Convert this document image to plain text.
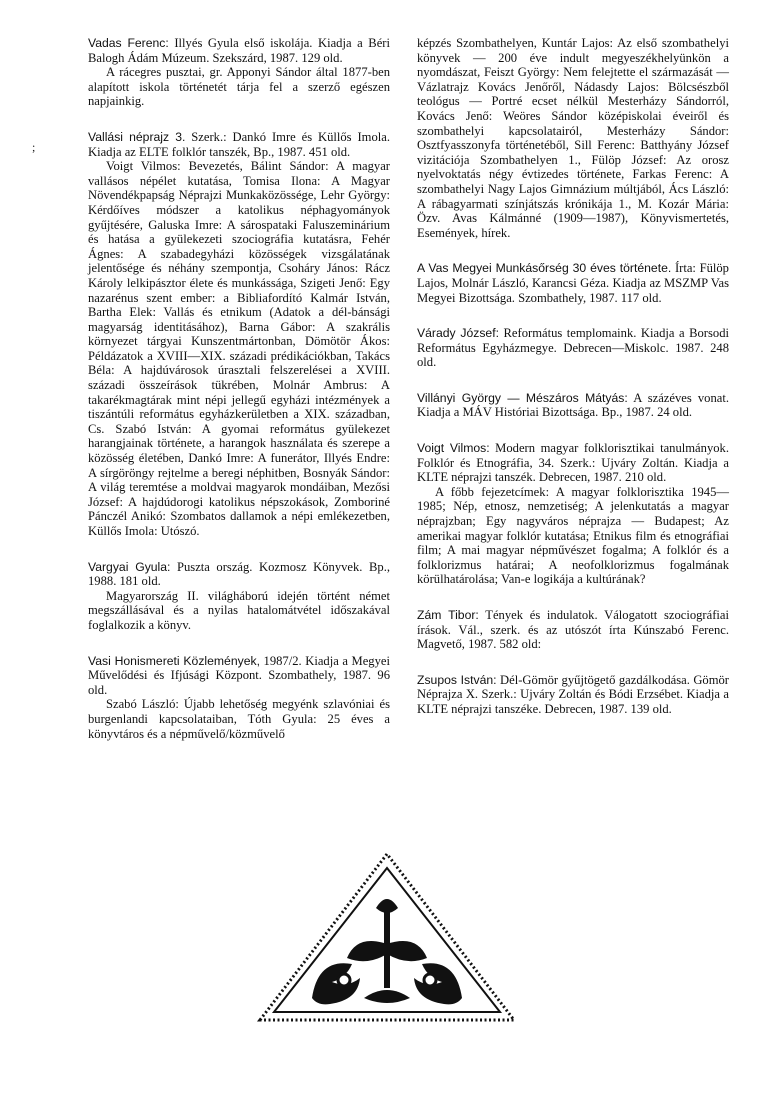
;

Vadas Ferenc: Illyés Gyula első iskolája. Kiadja a Béri Balogh Ádám Múzeum. Szekszárd, 1987. 129 old.

A rácegres pusztai, gr. Apponyi Sándor által 1877-ben alapított iskola történetét tárja fel a szerző egészen napjainkig.

Vallási néprajz 3. Szerk.: Dankó Imre és Küllős Imola. Kiadja az ELTE folklór tanszék, Bp., 1987. 451 old.

Voigt Vilmos: Bevezetés, Bálint Sándor: A magyar vallásos népélet kutatása, Tomisa Ilona: A Magyar Növendékpapság Néprajzi Munkaközössége, Lehr György: Kérdőíves módszer a katolikus néphagyományok gyűjtésére, Galuska Imre: A sárospataki Faluszeminárium és hatása a gyülekezeti szociográfia kutatásra, Fehér Ágnes: A szabadegyházi közösségek vizsgálatának jelentősége és néhány szempontja, Csoháry János: Rácz Károly lelkipásztor élete és munkássága, Szigeti Jenő: Egy nazarénus szent ember: a Bibliafordító Kalmár István, Bartha Elek: Vallás és etnikum (Adatok a dél-bánsági magyarság identitásához), Barna Gábor: A szakrális környezet tárgyai Kunszentmártonban, Dömötör Ákos: Példázatok a XVIII—XIX. századi prédikációkban, Takács Béla: A hajdúvárosok úrasztali felszerelései a XVIII. századi összeírások tükrében, Molnár Ambrus: A takarékmagtárak mint népi jellegű egyházi intézmények a tiszántúli református egyházkerületben a XIX. században, Cs. Szabó István: A gyomai református gyülekezet harangjainak története, a harangok használata és szerepe a közösség életében, Dankó Imre: A funerátor, Illyés Endre: A sírgöröngy rejtelme a beregi néphitben, Bosnyák Sándor: A világ teremtése a moldvai magyarok mondáiban, Mezősi József: A hajdúdorogi katolikus népszokások, Zomboriné Pánczél Anikó: Szombatos dallamok a népi emlékezetben, Küllős Imola: Utószó.

Vargyai Gyula: Puszta ország. Kozmosz Könyvek. Bp., 1988. 181 old.

Magyarország II. világháború idején történt német megszállásával és a nyilas hatalomátvétel időszakával foglalkozik a könyv.

Vasi Honismereti Közlemények, 1987/2. Kiadja a Megyei Művelődési és Ifjúsági Központ. Szombathely, 1987. 96 old.

Szabó László: Újabb lehetőség megyénk szlavóniai és burgenlandi kapcsolataiban, Tóth Gyula: 25 éves a könyvtáros és a népművelő/közművelő

képzés Szombathelyen, Kuntár Lajos: Az első szombathelyi könyvek — 200 éve indult megyeszékhelyünkön a nyomdászat, Feiszt György: Nem felejtette el származását — Vázlatrajz Kovács Jenőről, Nádasdy Lajos: Bölcsészből teológus — Portré ecset nélkül Mesterházy Sándorról, Kovács Jenő: Weöres Sándor középiskolai éveiről és szombathelyi kapcsolatairól, Mesterházy Sándor: Osztfyasszonyfa történetéből, Sill Ferenc: Batthyány József vizitációja Szombathelyen 1., Fülöp József: Az orosz nyelvoktatás négy évtizedes története, Farkas Ferenc: A szombathelyi Nagy Lajos Gimnázium múltjából, Ács László: A rábagyarmati színjátszás krónikája 1., M. Kozár Mária: Özv. Avas Kálmánné (1909—1987), Könyvismertetés, Események, hírek.

A Vas Megyei Munkásőrség 30 éves története. Írta: Fülöp Lajos, Molnár László, Karancsi Géza. Kiadja az MSZMP Vas Megyei Bizottsága. Szombathely, 1987. 117 old.

Várady József: Református templomaink. Kiadja a Borsodi Református Egyházmegye. Debrecen—Miskolc. 1987. 248 old.

Villányi György — Mészáros Mátyás: A százéves vonat. Kiadja a MÁV Históriai Bizottsága. Bp., 1987. 24 old.

Voigt Vilmos: Modern magyar folklorisztikai tanulmányok. Folklór és Etnográfia, 34. Szerk.: Ujváry Zoltán. Kiadja a KLTE néprajzi tanszék. Debrecen, 1987. 210 old.

A főbb fejezetcímek: A magyar folklorisztika 1945—1985; Nép, etnosz, nemzetiség; A jelenkutatás a magyar néprajzban; Egy nagyváros néprajza — Budapest; Az amerikai magyar folklór kutatása; Etnikus film és etnográfiai film; A mai magyar népművészet fogalma; A folklór és a folklorizmus határai; A neofolklorizmus fogalmának körülhatárolása; Van-e logikája a kultúrának?

Zám Tibor: Tények és indulatok. Válogatott szociográfiai írások. Vál., szerk. és az utószót írta Kúnszabó Ferenc. Magvető, 1987. 582 old:

Zsupos István: Dél-Gömör gyűjtögető gazdálkodása. Gömör Néprajza X. Szerk.: Ujváry Zoltán és Bódi Erzsébet. Kiadja a KLTE néprajzi tanszéke. Debrecen, 1987. 139 old.
